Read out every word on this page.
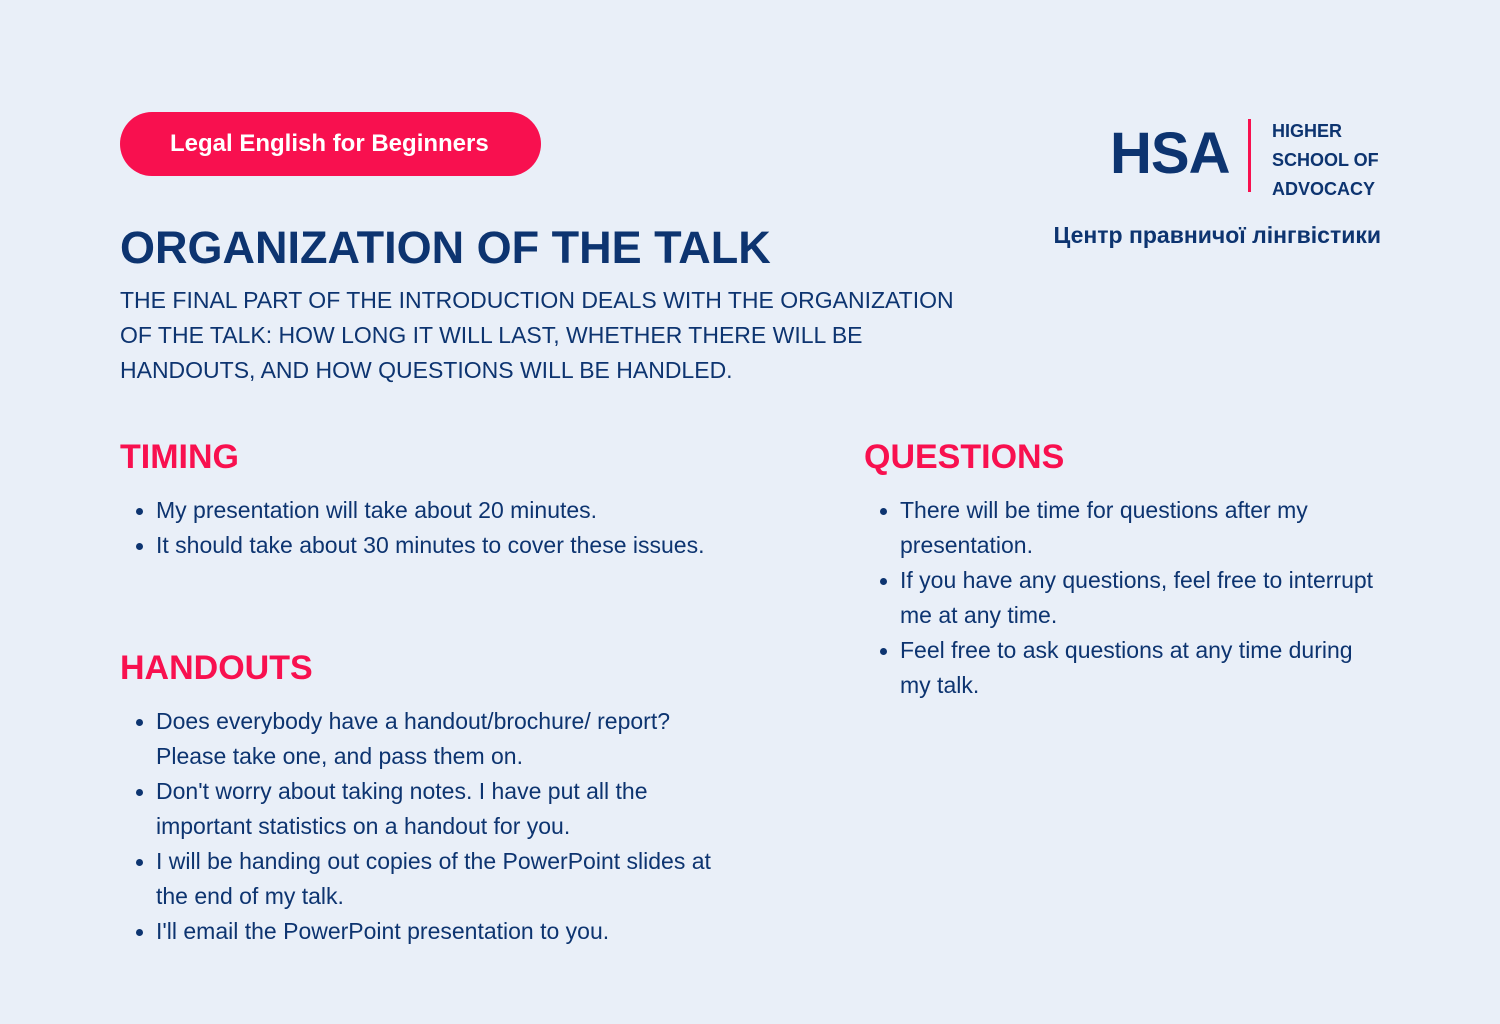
Legal English for Beginners	HSA HIGHER
SCHOOL OF
ADVOCACY
Центр правничої лінгвістики
ORGANIZATION OF THE TALK

THE FINAL PART OF THE INTRODUCTION DEALS WITH THE ORGANIZATION OF THE TALK: HOW LONG IT WILL LAST, WHETHER THERE WILL BE HANDOUTS, AND HOW QUESTIONS WILL BE HANDLED.

TIMING
My presentation will take about 20 minutes.
It should take about 30 minutes to cover these issues.
HANDOUTS
Does everybody have a handout/brochure/ report? Please take one, and pass them on.
Don't worry about taking notes. I have put all the important statistics on a handout for you.
I will be handing out copies of the PowerPoint slides at the end of my talk.
I'll email the PowerPoint presentation to you.
QUESTIONS
There will be time for questions after my presentation.
If you have any questions, feel free to interrupt me at any time.
Feel free to ask questions at any time during my talk.
